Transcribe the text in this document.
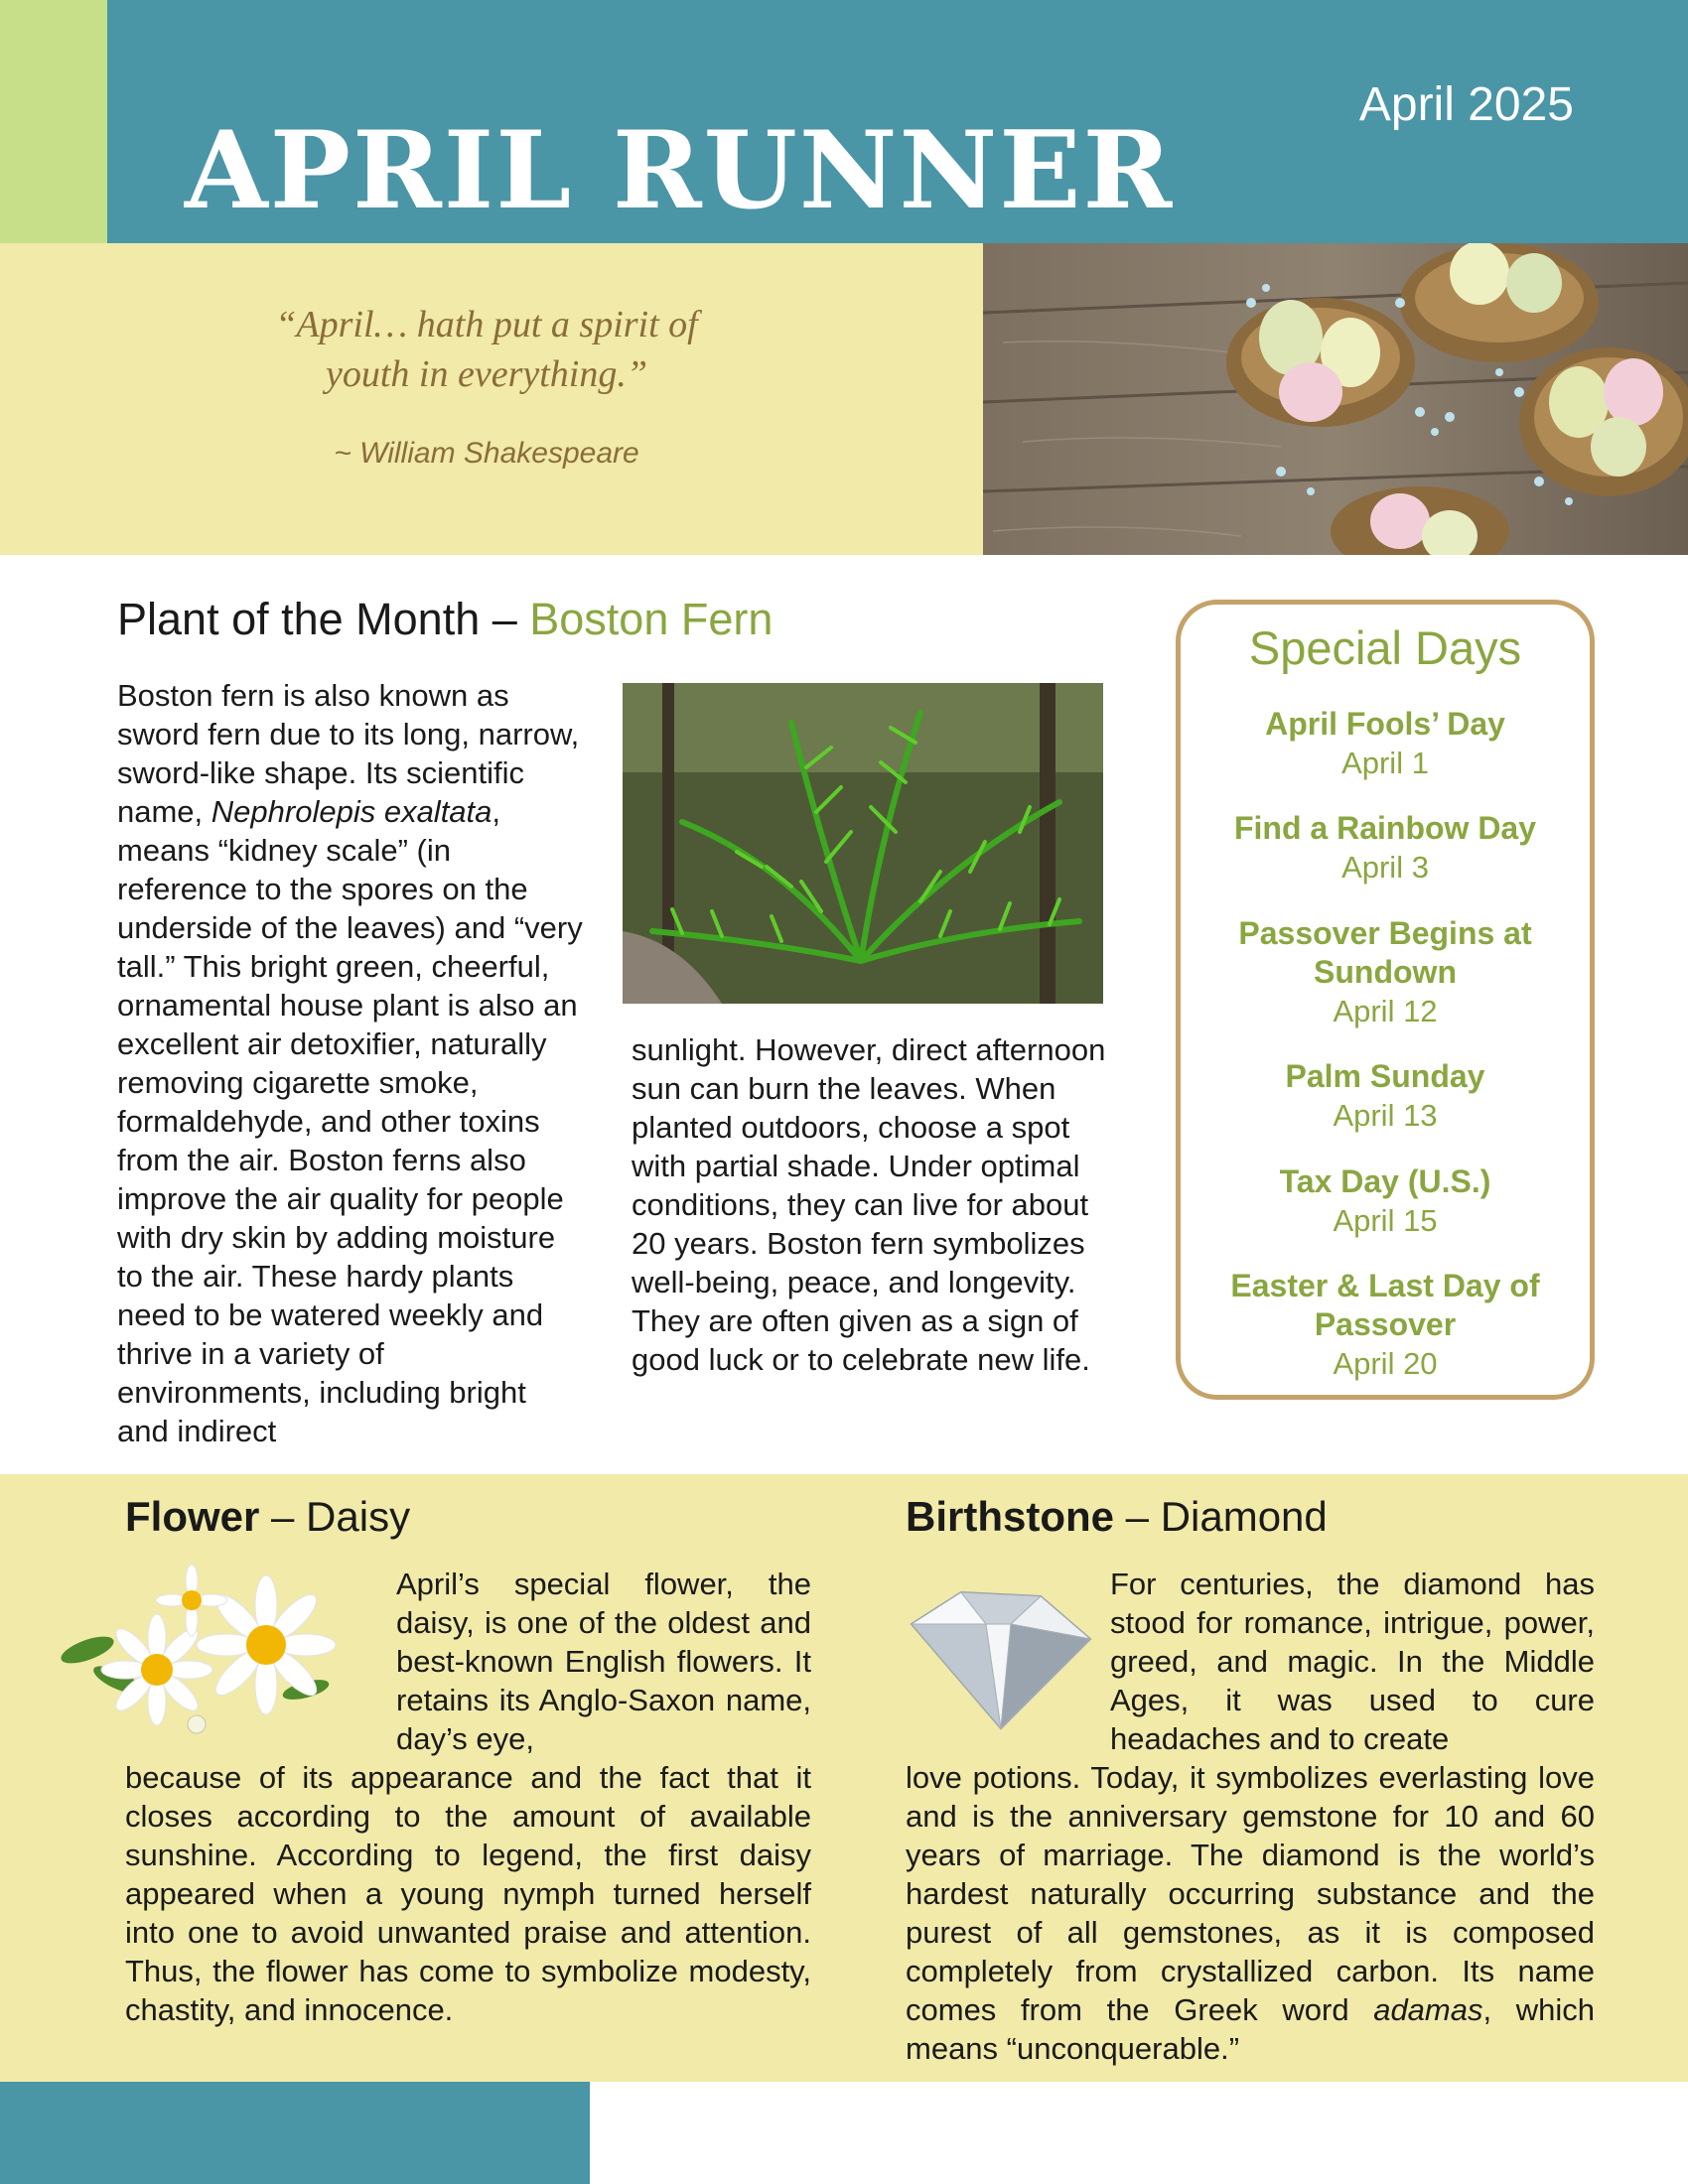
April 2025
APRIL RUNNER
“April… hath put a spirit of
youth in everything.”
~ William Shakespeare
Plant of the Month – Boston Fern
Boston fern is also known as sword fern due to its long, narrow, sword-like shape. Its scientific name, Nephrolepis exaltata, means “kidney scale” (in reference to the spores on the underside of the leaves) and “very tall.” This bright green, cheerful, ornamental house plant is also an excellent air detoxifier, naturally removing cigarette smoke, formaldehyde, and other toxins from the air. Boston ferns also improve the air quality for people with dry skin by adding moisture to the air. These hardy plants need to be watered weekly and thrive in a variety of environments, including bright and indirect
sunlight. However, direct afternoon sun can burn the leaves. When planted outdoors, choose a spot with partial shade. Under optimal conditions, they can live for about 20 years. Boston fern symbolizes well-being, peace, and longevity. They are often given as a sign of good luck or to celebrate new life.
Special Days
April Fools’ Day
April 1
Find a Rainbow Day
April 3
Passover Begins at Sundown
April 12
Palm Sunday
April 13
Tax Day (U.S.)
April 15
Easter & Last Day of Passover
April 20
Flower – Daisy
April’s special flower, the daisy, is one of the oldest and best-known English flowers. It retains its Anglo-Saxon name, day’s eye,
because of its appearance and the fact that it closes according to the amount of available sunshine. According to legend, the first daisy appeared when a young nymph turned herself into one to avoid unwanted praise and attention. Thus, the flower has come to symbolize modesty, chastity, and innocence.
Birthstone – Diamond
For centuries, the diamond has stood for romance, intrigue, power, greed, and magic. In the Middle Ages, it was used to cure headaches and to create
love potions. Today, it symbolizes everlasting love and is the anniversary gemstone for 10 and 60 years of marriage. The diamond is the world’s hardest naturally occurring substance and the purest of all gemstones, as it is composed completely from crystallized carbon. Its name comes from the Greek word adamas, which means “unconquerable.”
